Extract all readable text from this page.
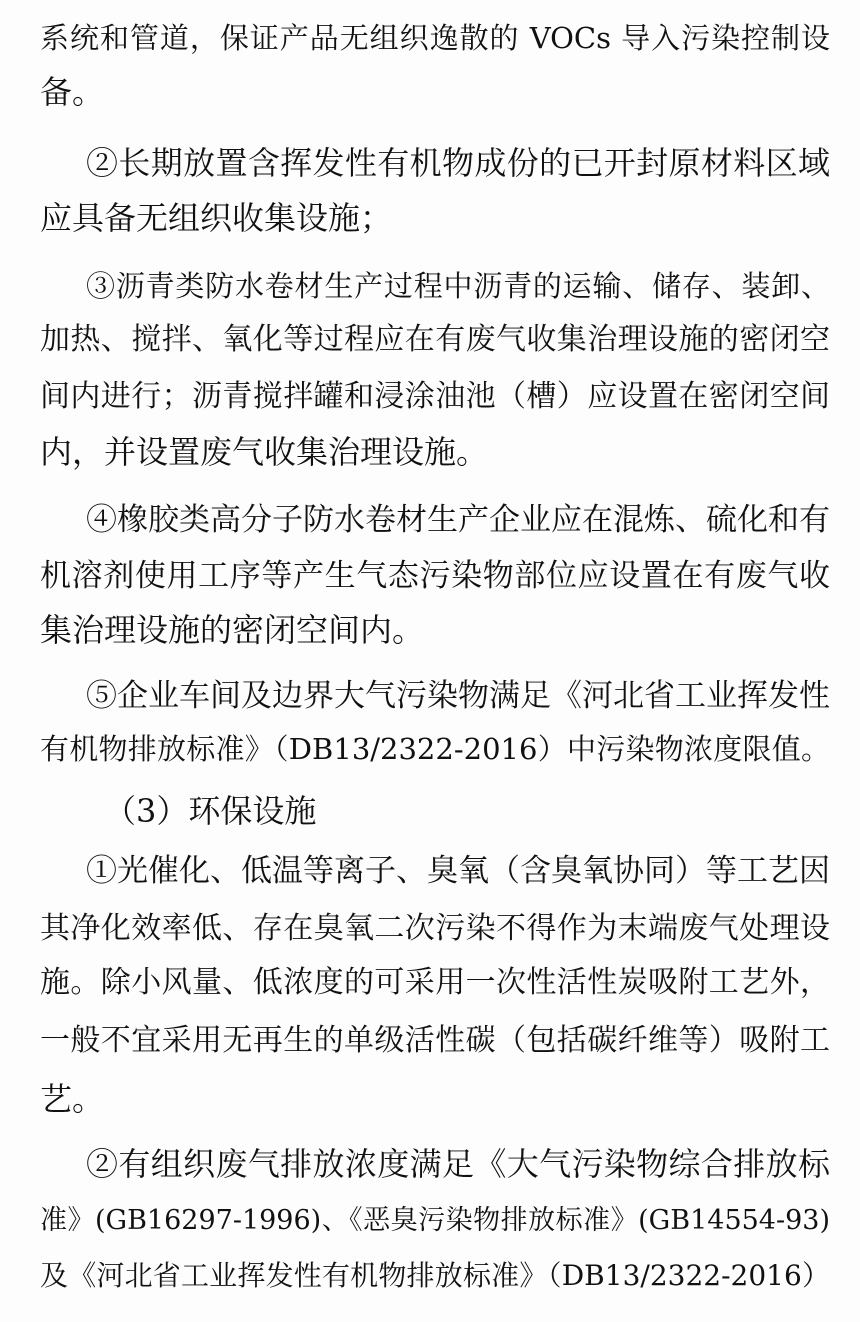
系统和管道，保证产品无组织逸散的 VOCs 导入污染控制设
备。
②长期放置含挥发性有机物成份的已开封原材料区域
应具备无组织收集设施；
③沥青类防水卷材生产过程中沥青的运输、储存、装卸、
加热、搅拌、氧化等过程应在有废气收集治理设施的密闭空
间内进行；沥青搅拌罐和浸涂油池（槽）应设置在密闭空间
内，并设置废气收集治理设施。
④橡胶类高分子防水卷材生产企业应在混炼、硫化和有
机溶剂使用工序等产生气态污染物部位应设置在有废气收
集治理设施的密闭空间内。
⑤企业车间及边界大气污染物满足《河北省工业挥发性
有机物排放标准》（DB13/2322-2016）中污染物浓度限值。
（3）环保设施
①光催化、低温等离子、臭氧（含臭氧协同）等工艺因
其净化效率低、存在臭氧二次污染不得作为末端废气处理设
施。除小风量、低浓度的可采用一次性活性炭吸附工艺外，
一般不宜采用无再生的单级活性碳（包括碳纤维等）吸附工
艺。
②有组织废气排放浓度满足《大气污染物综合排放标
准》(GB16297-1996)、《恶臭污染物排放标准》(GB14554-93)
及《河北省工业挥发性有机物排放标准》（DB13/2322-2016）
